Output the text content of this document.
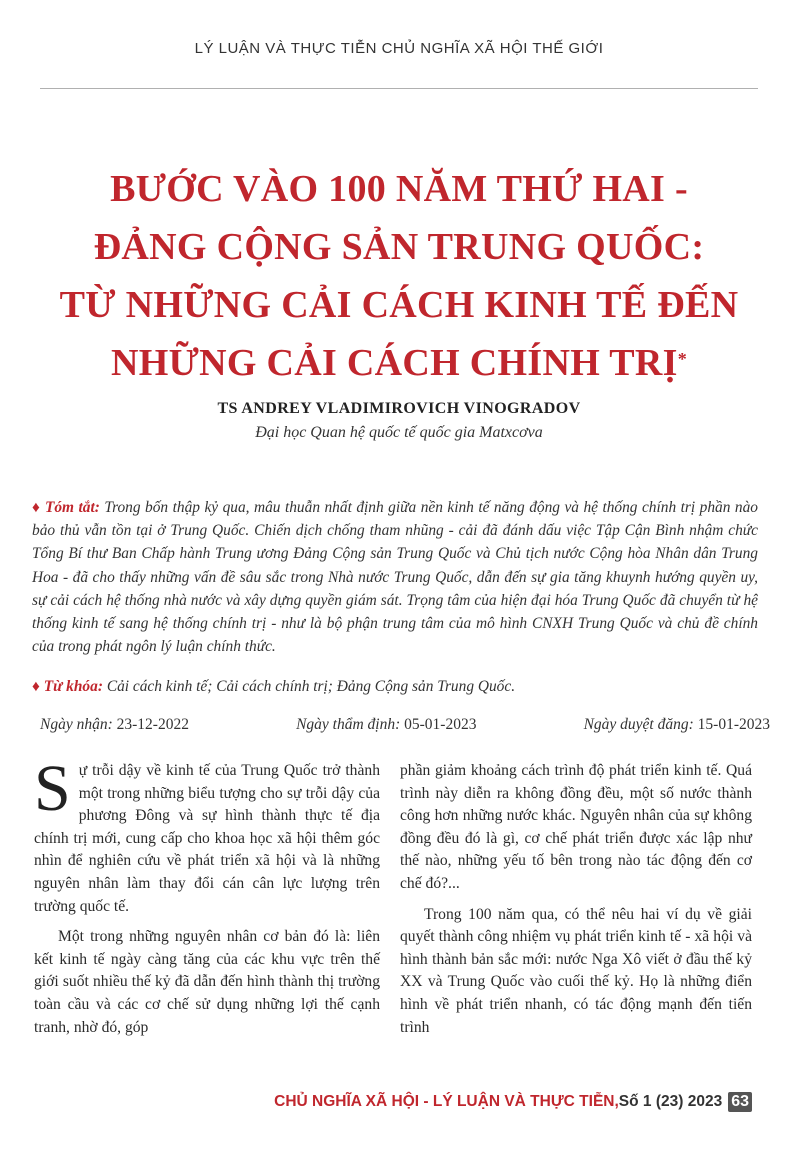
LÝ LUẬN VÀ THỰC TIỄN CHỦ NGHĨA XÃ HỘI THẾ GIỚI
BƯỚC VÀO 100 NĂM THỨ HAI -
ĐẢNG CỘNG SẢN TRUNG QUỐC:
TỪ NHỮNG CẢI CÁCH KINH TẾ ĐẾN
NHỮNG CẢI CÁCH CHÍNH TRỊ*
TS ANDREY VLADIMIROVICH VINOGRADOV
Đại học Quan hệ quốc tế quốc gia Matxcơva

♦ Tóm tắt: Trong bốn thập kỷ qua, mâu thuẫn nhất định giữa nền kinh tế năng động và hệ thống chính trị phần nào bảo thủ vẫn tồn tại ở Trung Quốc. Chiến dịch chống tham nhũng - cải đã đánh dấu việc Tập Cận Bình nhậm chức Tổng Bí thư Ban Chấp hành Trung ương Đảng Cộng sản Trung Quốc và Chủ tịch nước Cộng hòa Nhân dân Trung Hoa - đã cho thấy những vấn đề sâu sắc trong Nhà nước Trung Quốc, dẫn đến sự gia tăng khuynh hướng quyền uy, sự cải cách hệ thống nhà nước và xây dựng quyền giám sát. Trọng tâm của hiện đại hóa Trung Quốc đã chuyển từ hệ thống kinh tế sang hệ thống chính trị - như là bộ phận trung tâm của mô hình CNXH Trung Quốc và chủ đề chính của trong phát ngôn lý luận chính thức.

♦ Từ khóa: Cải cách kinh tế; Cải cách chính trị; Đảng Cộng sản Trung Quốc.

Ngày nhận: 23-12-2022	Ngày thẩm định: 05-01-2023	Ngày duyệt đăng: 15-01-2023

Sự trỗi dậy về kinh tế của Trung Quốc trở thành một trong những biểu tượng cho sự trỗi dậy của phương Đông và sự hình thành thực tế địa chính trị mới, cung cấp cho khoa học xã hội thêm góc nhìn để nghiên cứu về phát triển xã hội và là những nguyên nhân làm thay đổi cán cân lực lượng trên trường quốc tế.

Một trong những nguyên nhân cơ bản đó là: liên kết kinh tế ngày càng tăng của các khu vực trên thế giới suốt nhiều thế kỷ đã dẫn đến hình thành thị trường toàn cầu và các cơ chế sử dụng những lợi thế cạnh tranh, nhờ đó, góp

phần giảm khoảng cách trình độ phát triển kinh tế. Quá trình này diễn ra không đồng đều, một số nước thành công hơn những nước khác. Nguyên nhân của sự không đồng đều đó là gì, cơ chế phát triển được xác lập như thế nào, những yếu tố bên trong nào tác động đến cơ chế đó?...

Trong 100 năm qua, có thể nêu hai ví dụ về giải quyết thành công nhiệm vụ phát triển kinh tế - xã hội và hình thành bản sắc mới: nước Nga Xô viết ở đầu thế kỷ XX và Trung Quốc vào cuối thế kỷ. Họ là những điển hình về phát triển nhanh, có tác động mạnh đến tiến trình

CHỦ NGHĨA XÃ HỘI - LÝ LUẬN VÀ THỰC TIỄN, Số 1 (23) 2023 63
